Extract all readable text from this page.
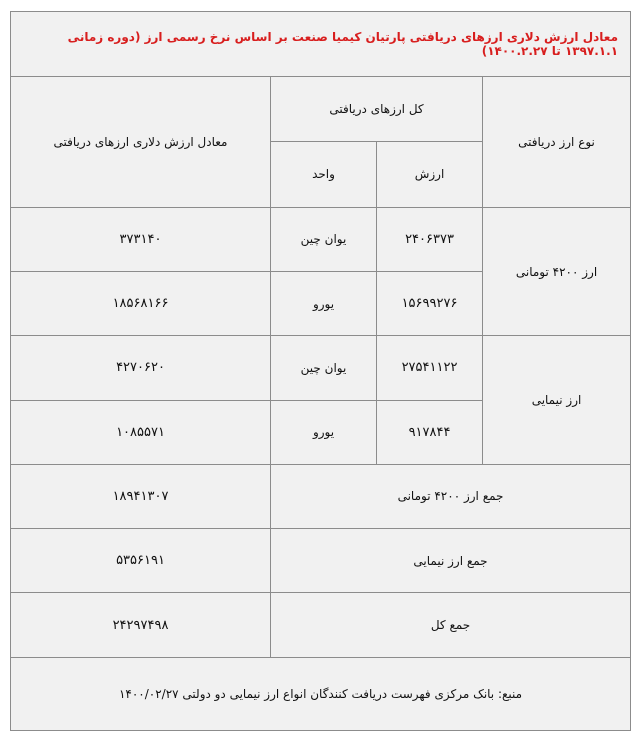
معادل ارزش دلاری ارزهای دریافتی پارتیان کیمیا صنعت بر اساس نرخ رسمی ارز (دوره زمانی ۱۳۹۷.۱.۱ تا ۱۴۰۰.۲.۲۷)			
نوع ارز دریافتی	کل ارزهای دریافتی		معادل ارزش دلاری ارزهای دریافتی
	ارزش	واحد	
ارز ۴۲۰۰ تومانی	۲۴۰۶۳۷۳	یوان چین	۳۷۳۱۴۰
	۱۵۶۹۹۲۷۶	یورو	۱۸۵۶۸۱۶۶
ارز نیمایی	۲۷۵۴۱۱۲۲	یوان چین	۴۲۷۰۶۲۰
	۹۱۷۸۴۴	یورو	۱۰۸۵۵۷۱
جمع ارز ۴۲۰۰ تومانی			۱۸۹۴۱۳۰۷
جمع ارز نیمایی			۵۳۵۶۱۹۱
جمع کل			۲۴۲۹۷۴۹۸
منبع: بانک مرکزی فهرست دریافت کنندگان انواع ارز نیمایی دو دولتی ۱۴۰۰/۰۲/۲۷			
